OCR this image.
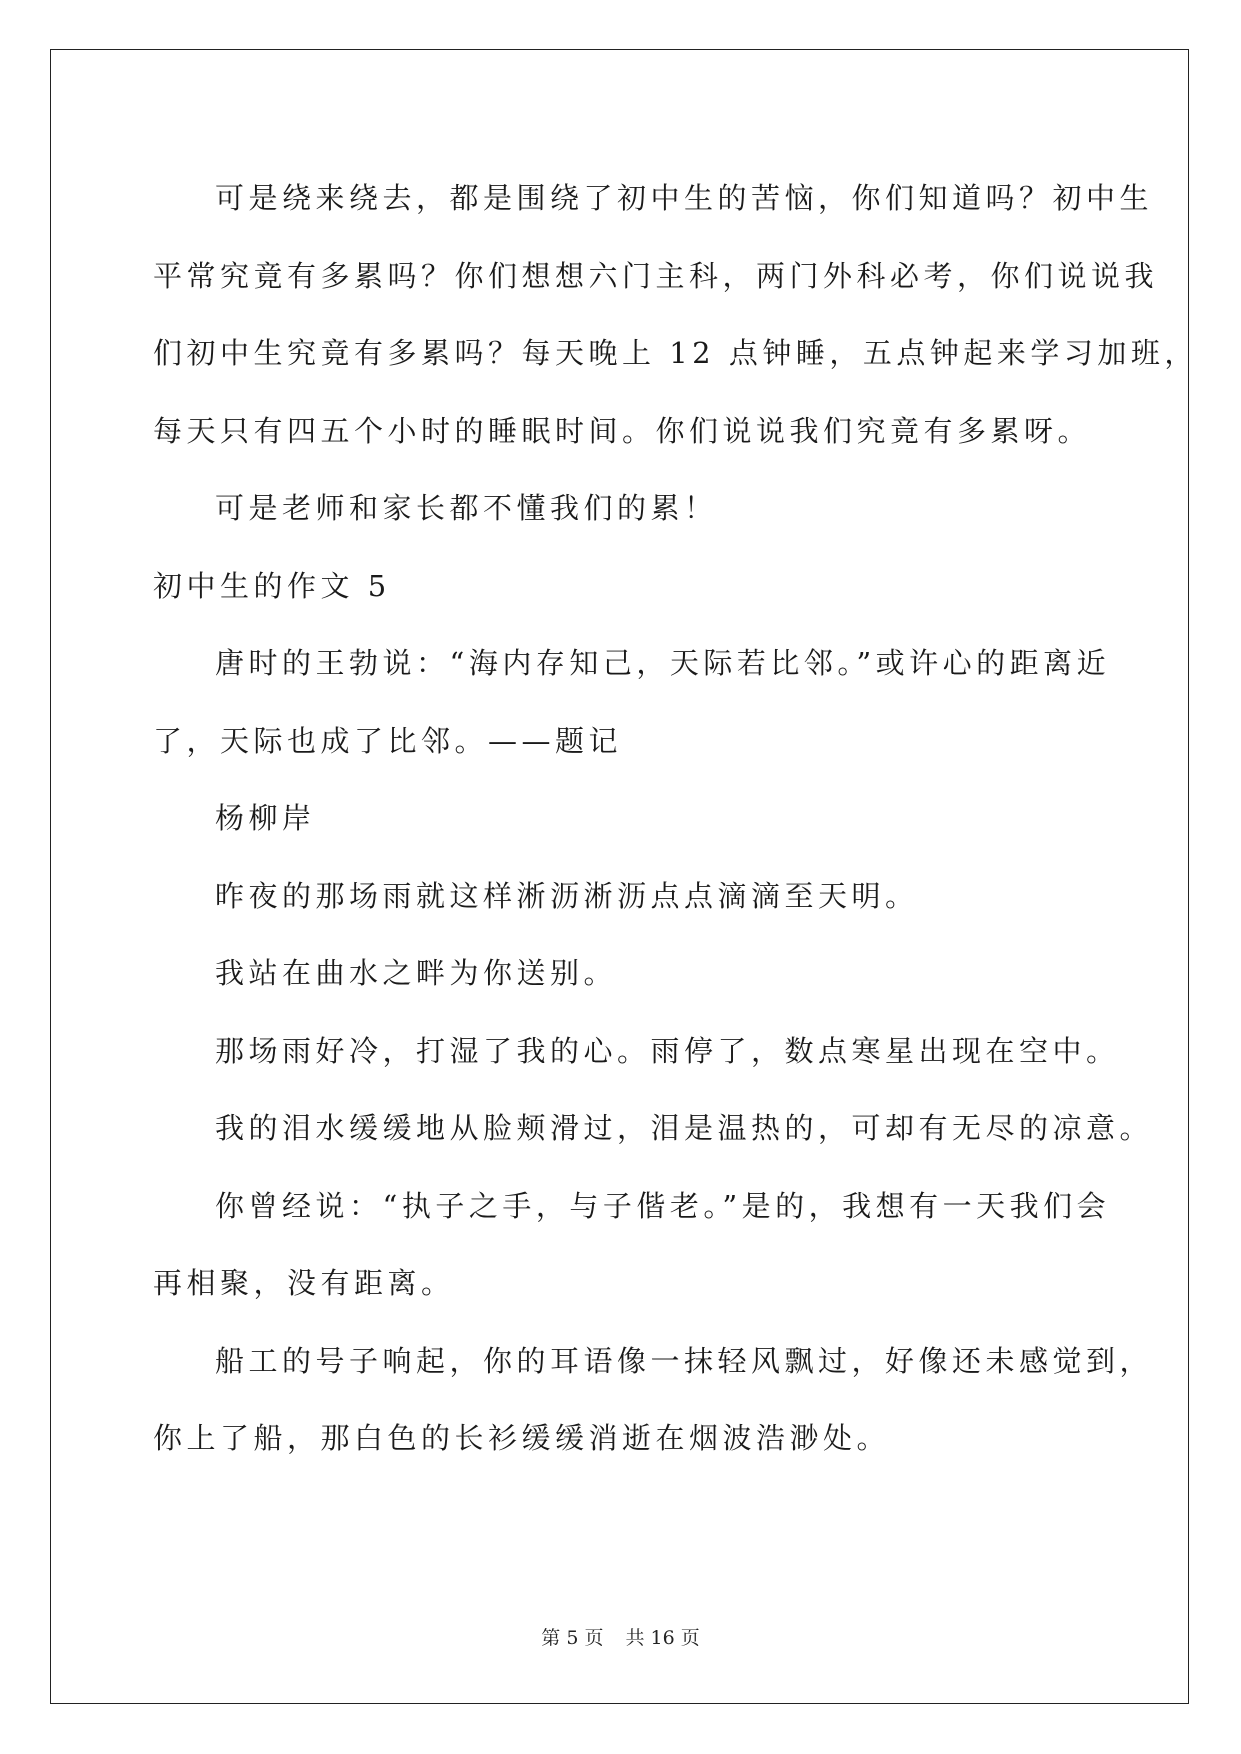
可是绕来绕去，都是围绕了初中生的苦恼，你们知道吗？初中生

平常究竟有多累吗？你们想想六门主科，两门外科必考，你们说说我

们初中生究竟有多累吗？每天晚上 12 点钟睡，五点钟起来学习加班，

每天只有四五个小时的睡眠时间。你们说说我们究竟有多累呀。

可是老师和家长都不懂我们的累！

初中生的作文 5

唐时的王勃说：“海内存知己，天际若比邻。”或许心的距离近

了，天际也成了比邻。——题记

杨柳岸

昨夜的那场雨就这样淅沥淅沥点点滴滴至天明。

我站在曲水之畔为你送别。

那场雨好冷，打湿了我的心。雨停了，数点寒星出现在空中。

我的泪水缓缓地从脸颊滑过，泪是温热的，可却有无尽的凉意。

你曾经说：“执子之手，与子偕老。”是的，我想有一天我们会

再相聚，没有距离。

船工的号子响起，你的耳语像一抹轻风飘过，好像还未感觉到，

你上了船，那白色的长衫缓缓消逝在烟波浩渺处。

第 5 页 共 16 页
